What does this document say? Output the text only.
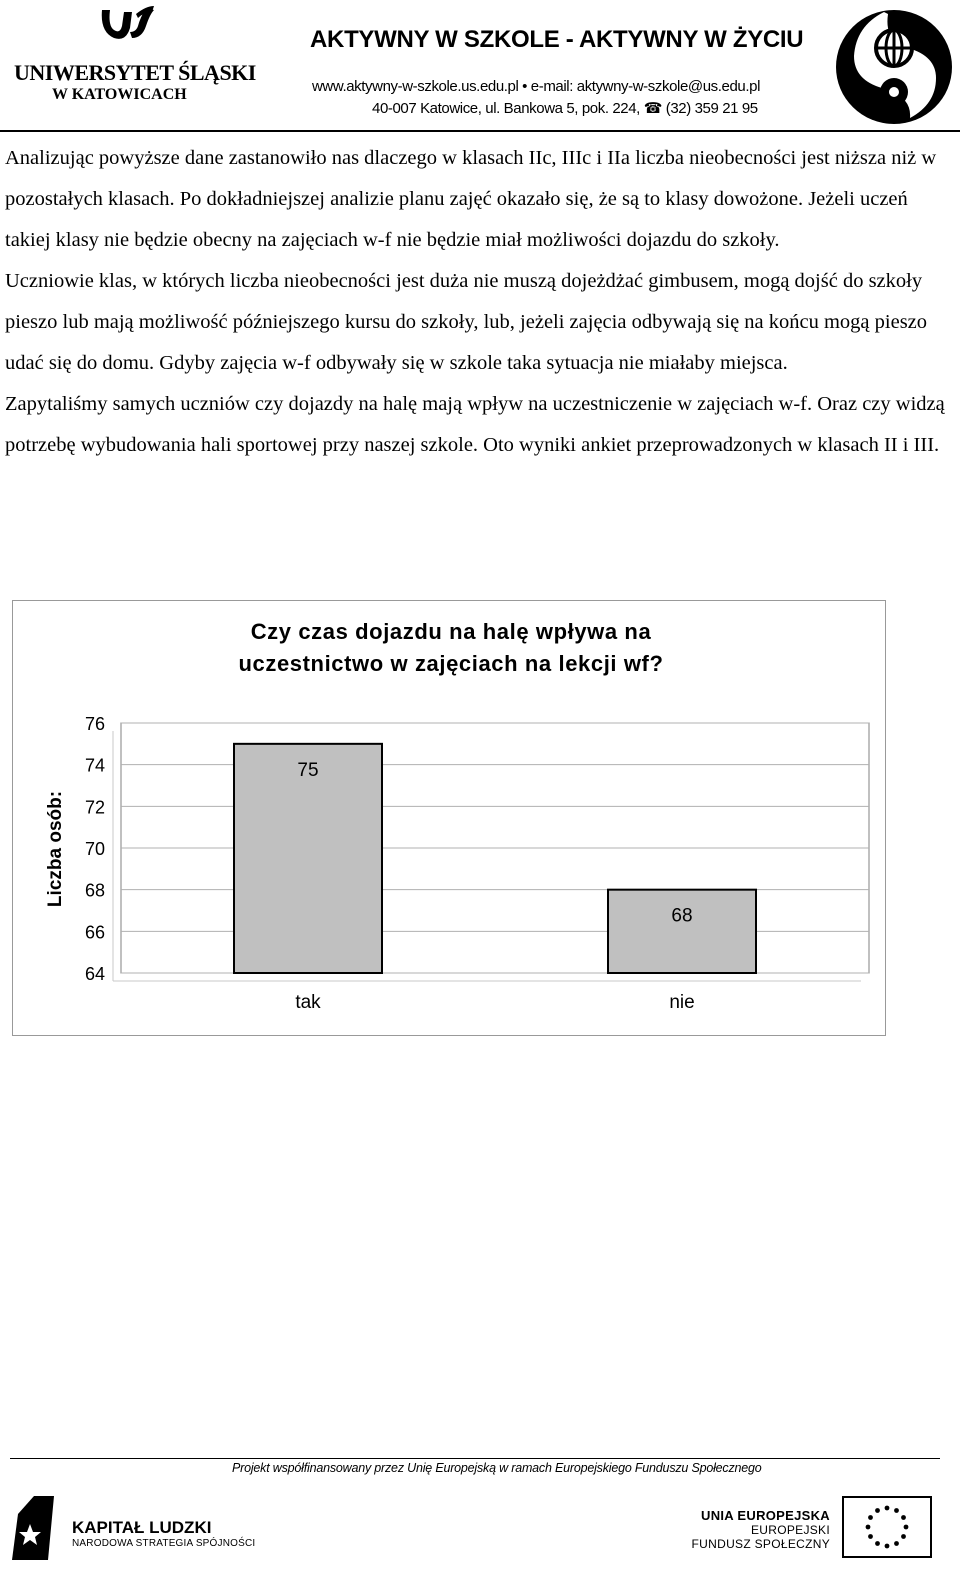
UNIWERSYTET ŚLĄSKI
W KATOWICACH
AKTYWNY W SZKOLE - AKTYWNY W ŻYCIU
www.aktywny-w-szkole.us.edu.pl • e-mail: aktywny-w-szkole@us.edu.pl
40-007 Katowice, ul. Bankowa 5, pok. 224, ☎ (32) 359 21 95

Analizując powyższe dane zastanowiło nas dlaczego w klasach IIc, IIIc i IIa liczba nieobecności jest niższa niż w pozostałych klasach. Po dokładniejszej analizie planu zajęć okazało się, że są to klasy dowożone. Jeżeli uczeń takiej klasy nie będzie obecny na zajęciach w-f nie będzie miał możliwości dojazdu do szkoły.

Uczniowie klas, w których liczba nieobecności jest duża nie muszą dojeżdżać gimbusem, mogą dojść do szkoły pieszo lub mają możliwość późniejszego kursu do szkoły, lub, jeżeli zajęcia odbywają się na końcu mogą pieszo udać się do domu. Gdyby zajęcia w-f odbywały się w szkole taka sytuacja nie miałaby miejsca.

Zapytaliśmy samych uczniów czy dojazdy na halę mają wpływ na uczestniczenie w zajęciach w-f. Oraz czy widzą potrzebę wybudowania hali sportowej przy naszej szkole. Oto wyniki ankiet przeprowadzonych w klasach II i III.

Czy czas dojazdu na halę wpływa na
uczestnictwo w zajęciach na lekcji wf?
Liczba osób:
64
66
68
70
72
74
76
tak	nie
75
68
Projekt współfinansowany przez Unię Europejską w ramach Europejskiego Funduszu Społecznego
KAPITAŁ LUDZKI
NARODOWA STRATEGIA SPÓJNOŚCI
UNIA EUROPEJSKA
EUROPEJSKI
FUNDUSZ SPOŁECZNY
